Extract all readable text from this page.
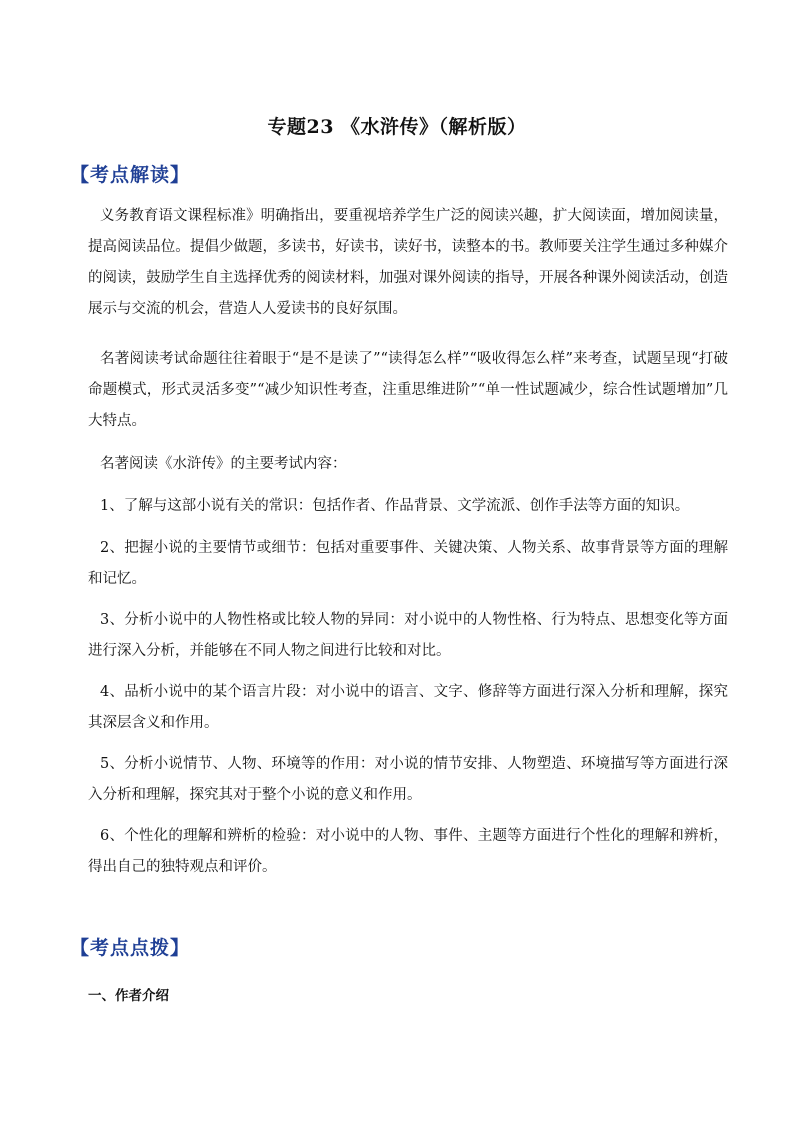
专题23 《水浒传》（解析版）
【考点解读】

义务教育语文课程标准》明确指出，要重视培养学生广泛的阅读兴趣，扩大阅读面，增加阅读量，提高阅读品位。提倡少做题，多读书，好读书，读好书，读整本的书。教师要关注学生通过多种媒介的阅读，鼓励学生自主选择优秀的阅读材料，加强对课外阅读的指导，开展各种课外阅读活动，创造展示与交流的机会，营造人人爱读书的良好氛围。

名著阅读考试命题往往着眼于“是不是读了”“读得怎么样”“吸收得怎么样”来考查，试题呈现“打破命题模式，形式灵活多变”“减少知识性考查，注重思维进阶”“单一性试题减少，综合性试题增加”几大特点。

名著阅读《水浒传》的主要考试内容：

1、了解与这部小说有关的常识：包括作者、作品背景、文学流派、创作手法等方面的知识。

2、把握小说的主要情节或细节：包括对重要事件、关键决策、人物关系、故事背景等方面的理解和记忆。

3、分析小说中的人物性格或比较人物的异同：对小说中的人物性格、行为特点、思想变化等方面进行深入分析，并能够在不同人物之间进行比较和对比。

4、品析小说中的某个语言片段：对小说中的语言、文字、修辞等方面进行深入分析和理解，探究其深层含义和作用。

5、分析小说情节、人物、环境等的作用：对小说的情节安排、人物塑造、环境描写等方面进行深入分析和理解，探究其对于整个小说的意义和作用。

6、个性化的理解和辨析的检验：对小说中的人物、事件、主题等方面进行个性化的理解和辨析，得出自己的独特观点和评价。

【考点点拨】
一、作者介绍
